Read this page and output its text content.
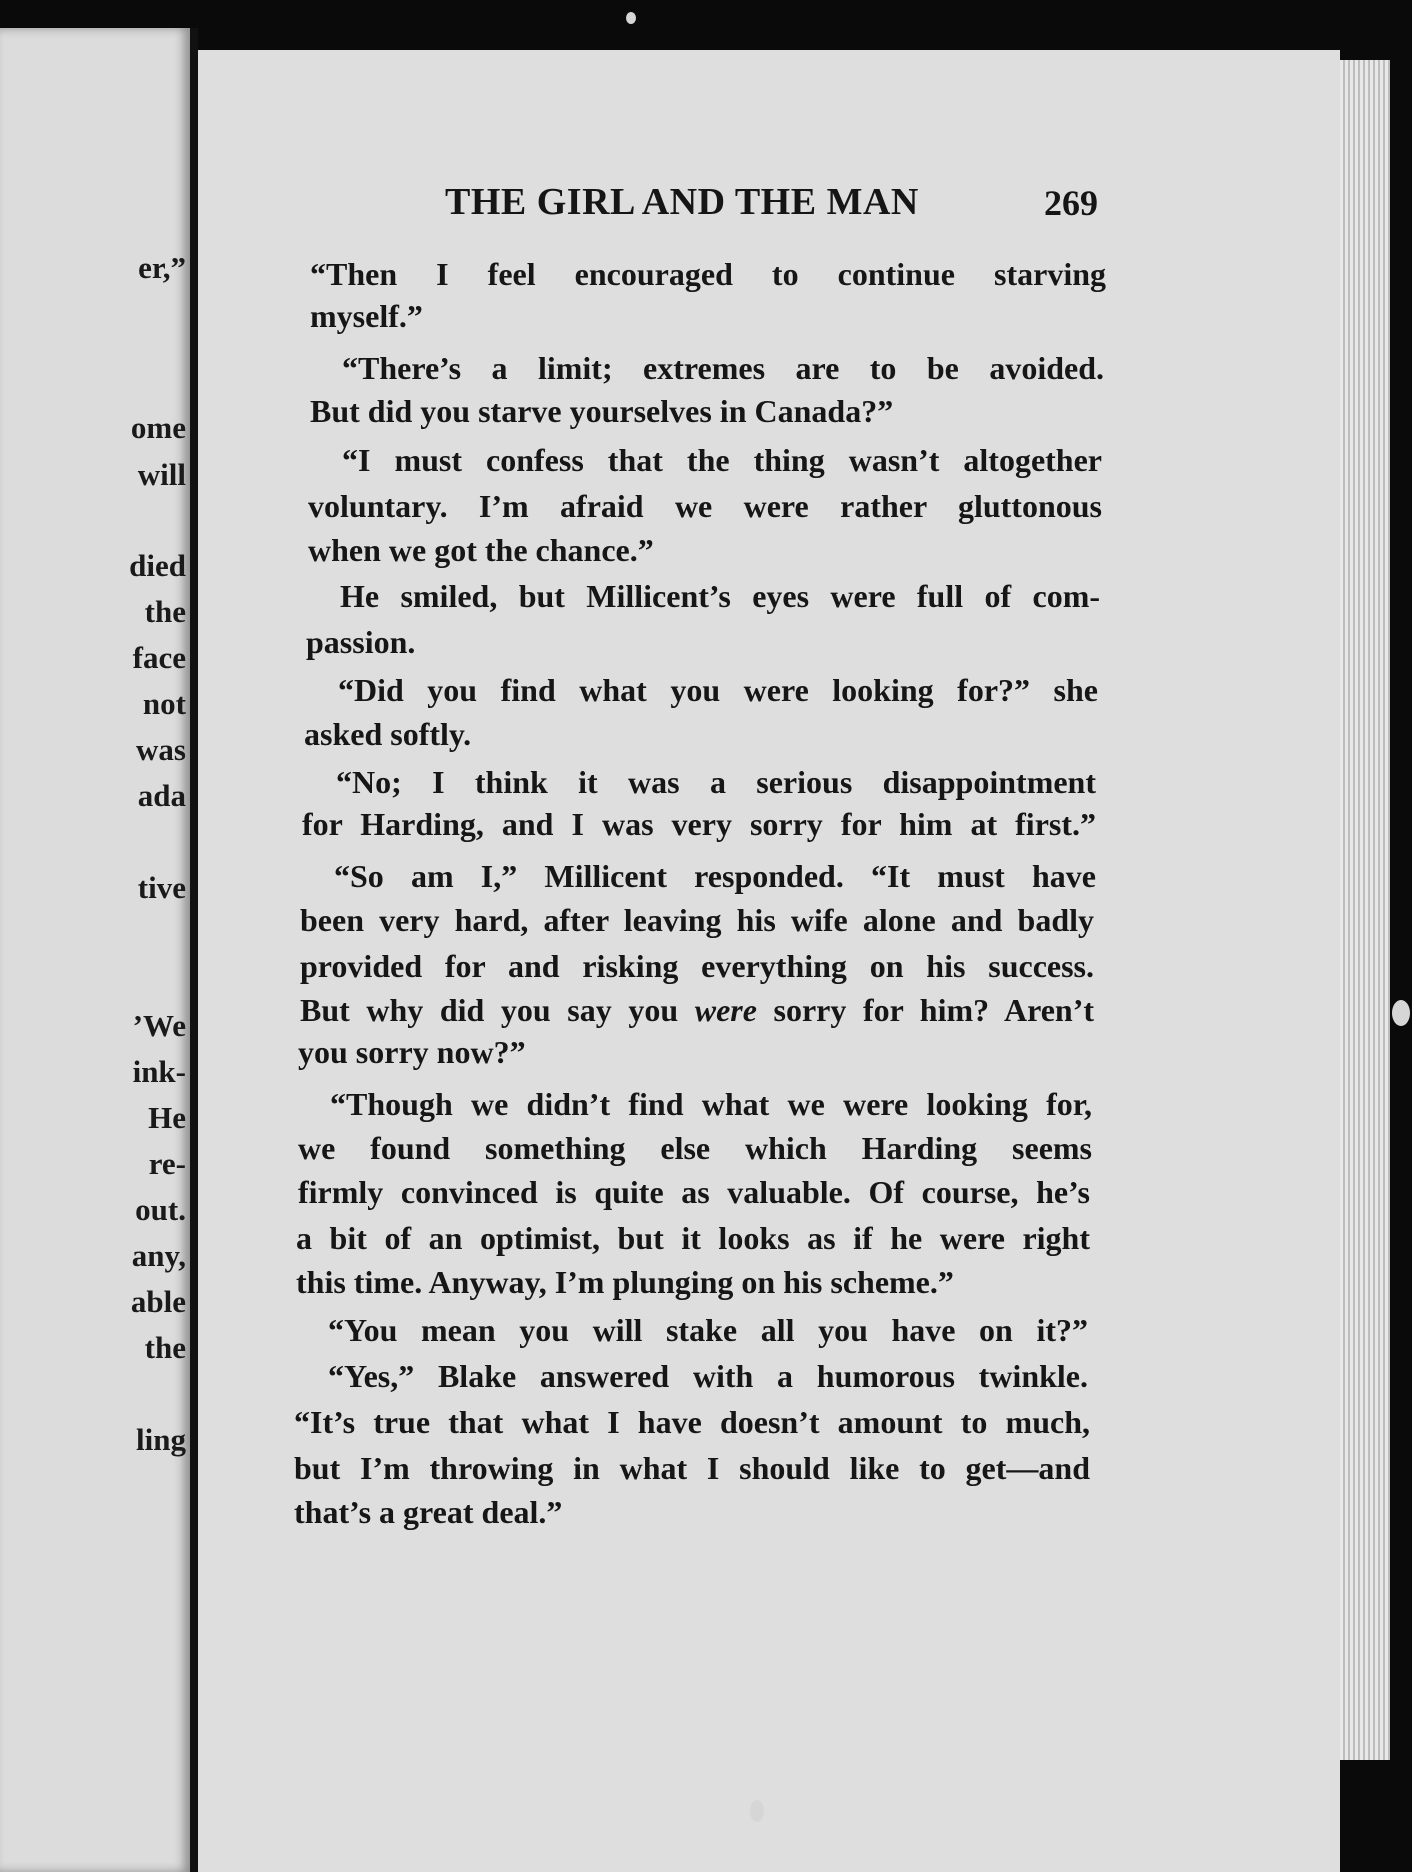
er,”
ome
will
died
the
face
not
was
ada
tive
’We
ink-
He
re-
out.
any,
able
the
ling
THE GIRL AND THE MAN	269
“Then I feel encouraged to continue starving
myself.”
“There’s a limit; extremes are to be avoided.
But did you starve yourselves in Canada?”
“I must confess that the thing wasn’t altogether
voluntary. I’m afraid we were rather gluttonous
when we got the chance.”
He smiled, but Millicent’s eyes were full of com-
passion.
“Did you find what you were looking for?” she
asked softly.
“No; I think it was a serious disappointment
for Harding, and I was very sorry for him at first.”
“So am I,” Millicent responded. “It must have
been very hard, after leaving his wife alone and badly
provided for and risking everything on his success.
But why did you say you were sorry for him? Aren’t
you sorry now?”
“Though we didn’t find what we were looking for,
we found something else which Harding seems
firmly convinced is quite as valuable. Of course, he’s
a bit of an optimist, but it looks as if he were right
this time. Anyway, I’m plunging on his scheme.”
“You mean you will stake all you have on it?”
“Yes,” Blake answered with a humorous twinkle.
“It’s true that what I have doesn’t amount to much,
but I’m throwing in what I should like to get—and
that’s a great deal.”
